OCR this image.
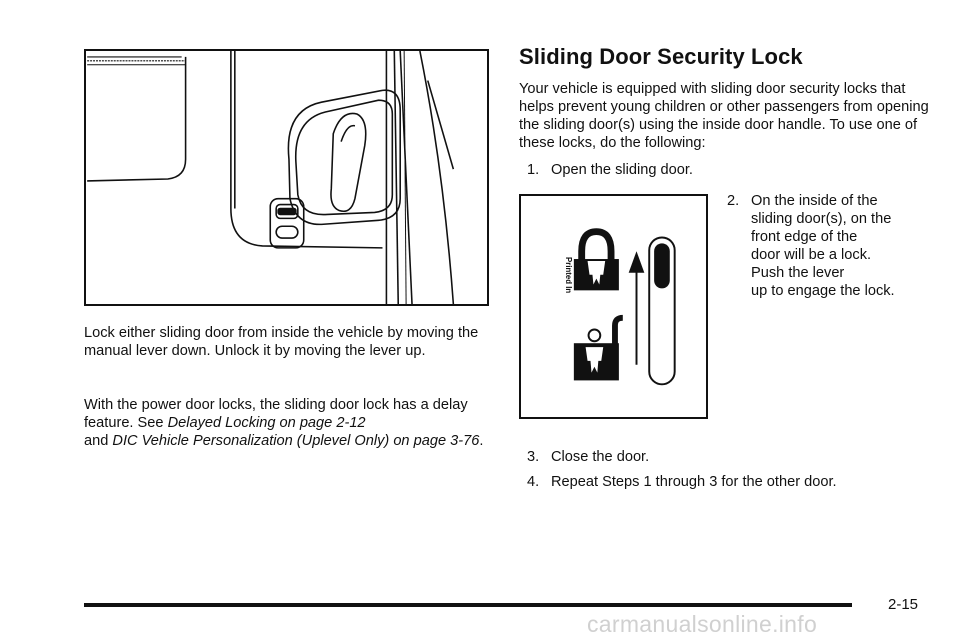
Lock either sliding door from inside the vehicle by moving the manual lever down. Unlock it by moving the lever up.

With the power door locks, the sliding door lock has a delay feature. See Delayed Locking on page 2-12
and DIC Vehicle Personalization (Uplevel Only) on page 3-76.

Sliding Door Security Lock

Your vehicle is equipped with sliding door security locks that helps prevent young children or other passengers from opening the sliding door(s) using the inside door handle. To use one of these locks, do the following:

1. Open the sliding door.

Printed In
2. On the inside of the
sliding door(s), on the
front edge of the
door will be a lock.
Push the lever
up to engage the lock.

3. Close the door.

4. Repeat Steps 1 through 3 for the other door.

2-15
carmanualsonline.info
